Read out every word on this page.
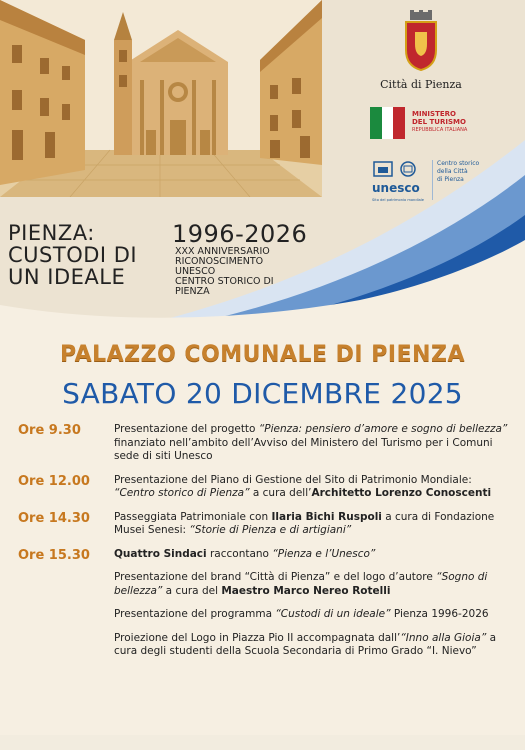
Città di Pienza
MINISTERO
DEL TURISMO
REPUBBLICA ITALIANA
unesco
Sito del patrimonio mondiale
Centro storico
della Città
di Pienza
PIENZA:
CUSTODI DI
UN IDEALE
1996-2026
XXX ANNIVERSARIO
RICONOSCIMENTO
UNESCO
CENTRO STORICO DI
PIENZA
PALAZZO COMUNALE DI PIENZA
SABATO 20 DICEMBRE 2025
Ore 9.30	Presentazione del progetto “Pienza: pensiero d’amore e sogno di bellezza” finanziato nell’ambito dell’Avviso del Ministero del Turismo per i Comuni sede di siti Unesco
Ore 12.00	Presentazione del Piano di Gestione del Sito di Patrimonio Mondiale: “Centro storico di Pienza” a cura dell’Architetto Lorenzo Conoscenti
Ore 14.30	Passeggiata Patrimoniale con Ilaria Bichi Ruspoli a cura di Fondazione Musei Senesi: “Storie di Pienza e di artigiani”
Ore 15.30	Quattro Sindaci raccontano “Pienza e l’Unesco”
Presentazione del brand “Città di Pienza” e del logo d’autore “Sogno di bellezza” a cura del Maestro Marco Nereo Rotelli
Presentazione del programma “Custodi di un ideale” Pienza 1996-2026
Proiezione del Logo in Piazza Pio II accompagnata dall’“Inno alla Gioia” a cura degli studenti della Scuola Secondaria di Primo Grado “I. Nievo”
